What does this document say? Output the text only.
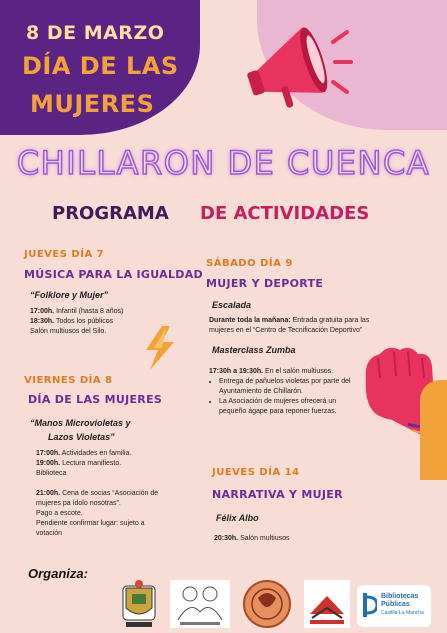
8 DE MARZO
DÍA DE LAS
MUJERES
CHILLARON DE CUENCA
PROGRAMA DE ACTIVIDADES
JUEVES DÍA 7
MÚSICA PARA LA IGUALDAD
“Folklore y Mujer”
17:00h. Infantil (hasta 8 años)
18:30h. Todos los públicos
Salón multiusos del Silo.
VIERNES DÍA 8
DÍA DE LAS MUJERES
“Manos Microvioletas y
Lazos Violetas”
17:00h. Actividades en familia.
19:00h. Lectura manifiesto.
Biblioteca
21:00h. Cena de socias “Asociación de
mujeres pa ídolo nosotras”.
Pago a escote.
Pendiente confirmar lugar: sujeto a
votación
SÁBADO DÍA 9
MUJER Y DEPORTE
Escalada
Durante toda la mañana: Entrada gratuita para las
mujeres en el “Centro de Tecnificación Deportivo”
Masterclass Zumba
17:30h a 19:30h. En el salón multiusos.
• Entrega de pañuelos violetas por parte del Ayuntamiento de Chillarón.
• La Asociación de mujeres ofrecerá un pequeño ágape para reponer fuerzas.
JUEVES DÍA 14
NARRATIVA Y MUJER
Félix Albo
20:30h. Salón multiusos
Organiza:
Bibliotecas
Públicas
Castilla-La Mancha
